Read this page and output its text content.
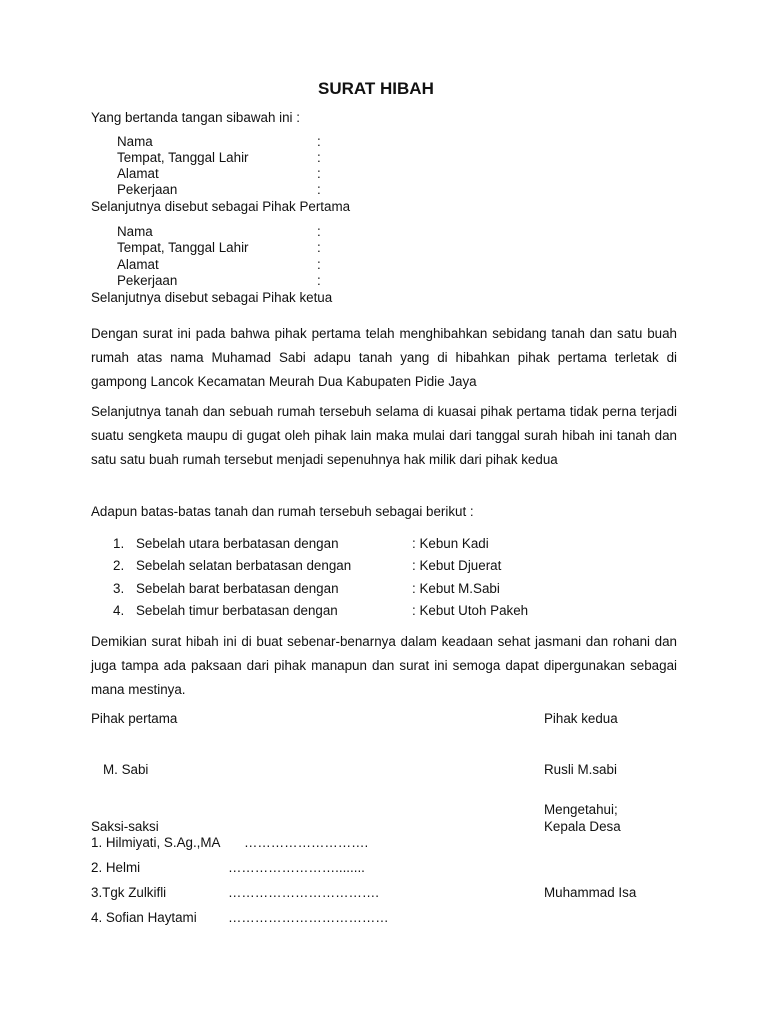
SURAT HIBAH
Yang bertanda tangan sibawah ini :
Nama	:
Tempat, Tanggal Lahir	:
Alamat	:
Pekerjaan	:
Selanjutnya disebut sebagai Pihak Pertama
Nama	:
Tempat, Tanggal Lahir	:
Alamat	:
Pekerjaan	:
Selanjutnya disebut sebagai Pihak ketua
Dengan surat ini pada bahwa pihak pertama telah menghibahkan sebidang tanah dan satu buah rumah atas nama Muhamad Sabi adapu tanah yang di hibahkan pihak pertama terletak di gampong Lancok Kecamatan Meurah Dua Kabupaten Pidie Jaya
Selanjutnya tanah dan sebuah rumah tersebuh selama di kuasai pihak pertama tidak perna terjadi suatu sengketa maupu di gugat oleh pihak lain maka mulai dari tanggal surah hibah ini tanah dan satu satu buah rumah tersebut menjadi sepenuhnya hak milik dari pihak kedua
Adapun batas-batas tanah dan rumah tersebuh sebagai berikut :
1. Sebelah utara berbatasan dengan	: Kebun Kadi
2. Sebelah selatan berbatasan dengan	: Kebut Djuerat
3. Sebelah barat berbatasan dengan	: Kebut M.Sabi
4. Sebelah timur berbatasan dengan	: Kebut Utoh Pakeh
Demikian surat hibah ini di buat sebenar-benarnya dalam keadaan sehat jasmani dan rohani dan juga tampa ada paksaan dari pihak manapun dan surat ini semoga dapat dipergunakan sebagai mana mestinya.
Pihak pertama	Pihak kedua
M. Sabi	Rusli M.sabi
Mengetahui;
Kepala Desa
Muhammad Isa
Saksi-saksi
1. Hilmiyati, S.Ag.,MA ……………………….
2. Helmi	……………………........
3.Tgk Zulkifli	…………………………….
4. Sofian Haytami ………………………………
